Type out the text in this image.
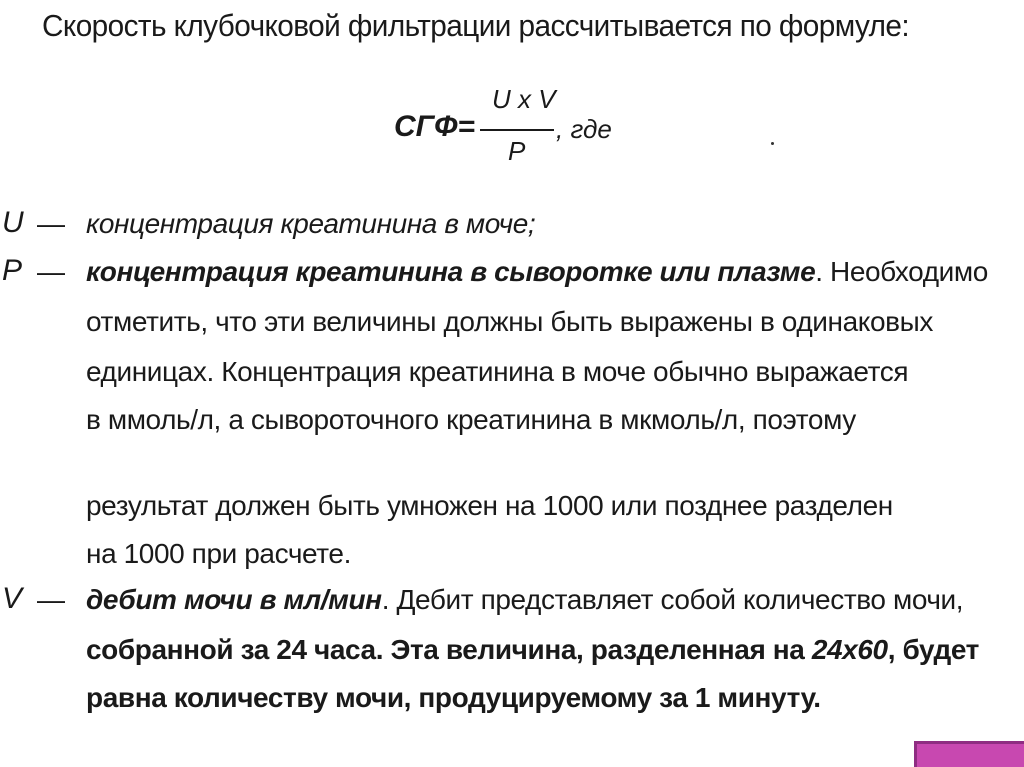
Скорость клубочковой фильтрации рассчитывается по формуле:
СГФ=
U x V
P
, где
U — концентрация креатинина в моче;
P — концентрация креатинина в сыворотке или плазме. Необходимо
отметить, что эти величины должны быть выражены в одинаковых
единицах. Концентрация креатинина в моче обычно выражается
в ммоль/л, а сывороточного креатинина в мкмоль/л, поэтому
результат должен быть умножен на 1000 или позднее разделен
на 1000 при расчете.
V — дебит мочи в мл/мин. Дебит представляет собой количество мочи,
собранной за 24 часа. Эта величина, разделенная на 24x60, будет
равна количеству мочи, продуцируемому за 1 минуту.
